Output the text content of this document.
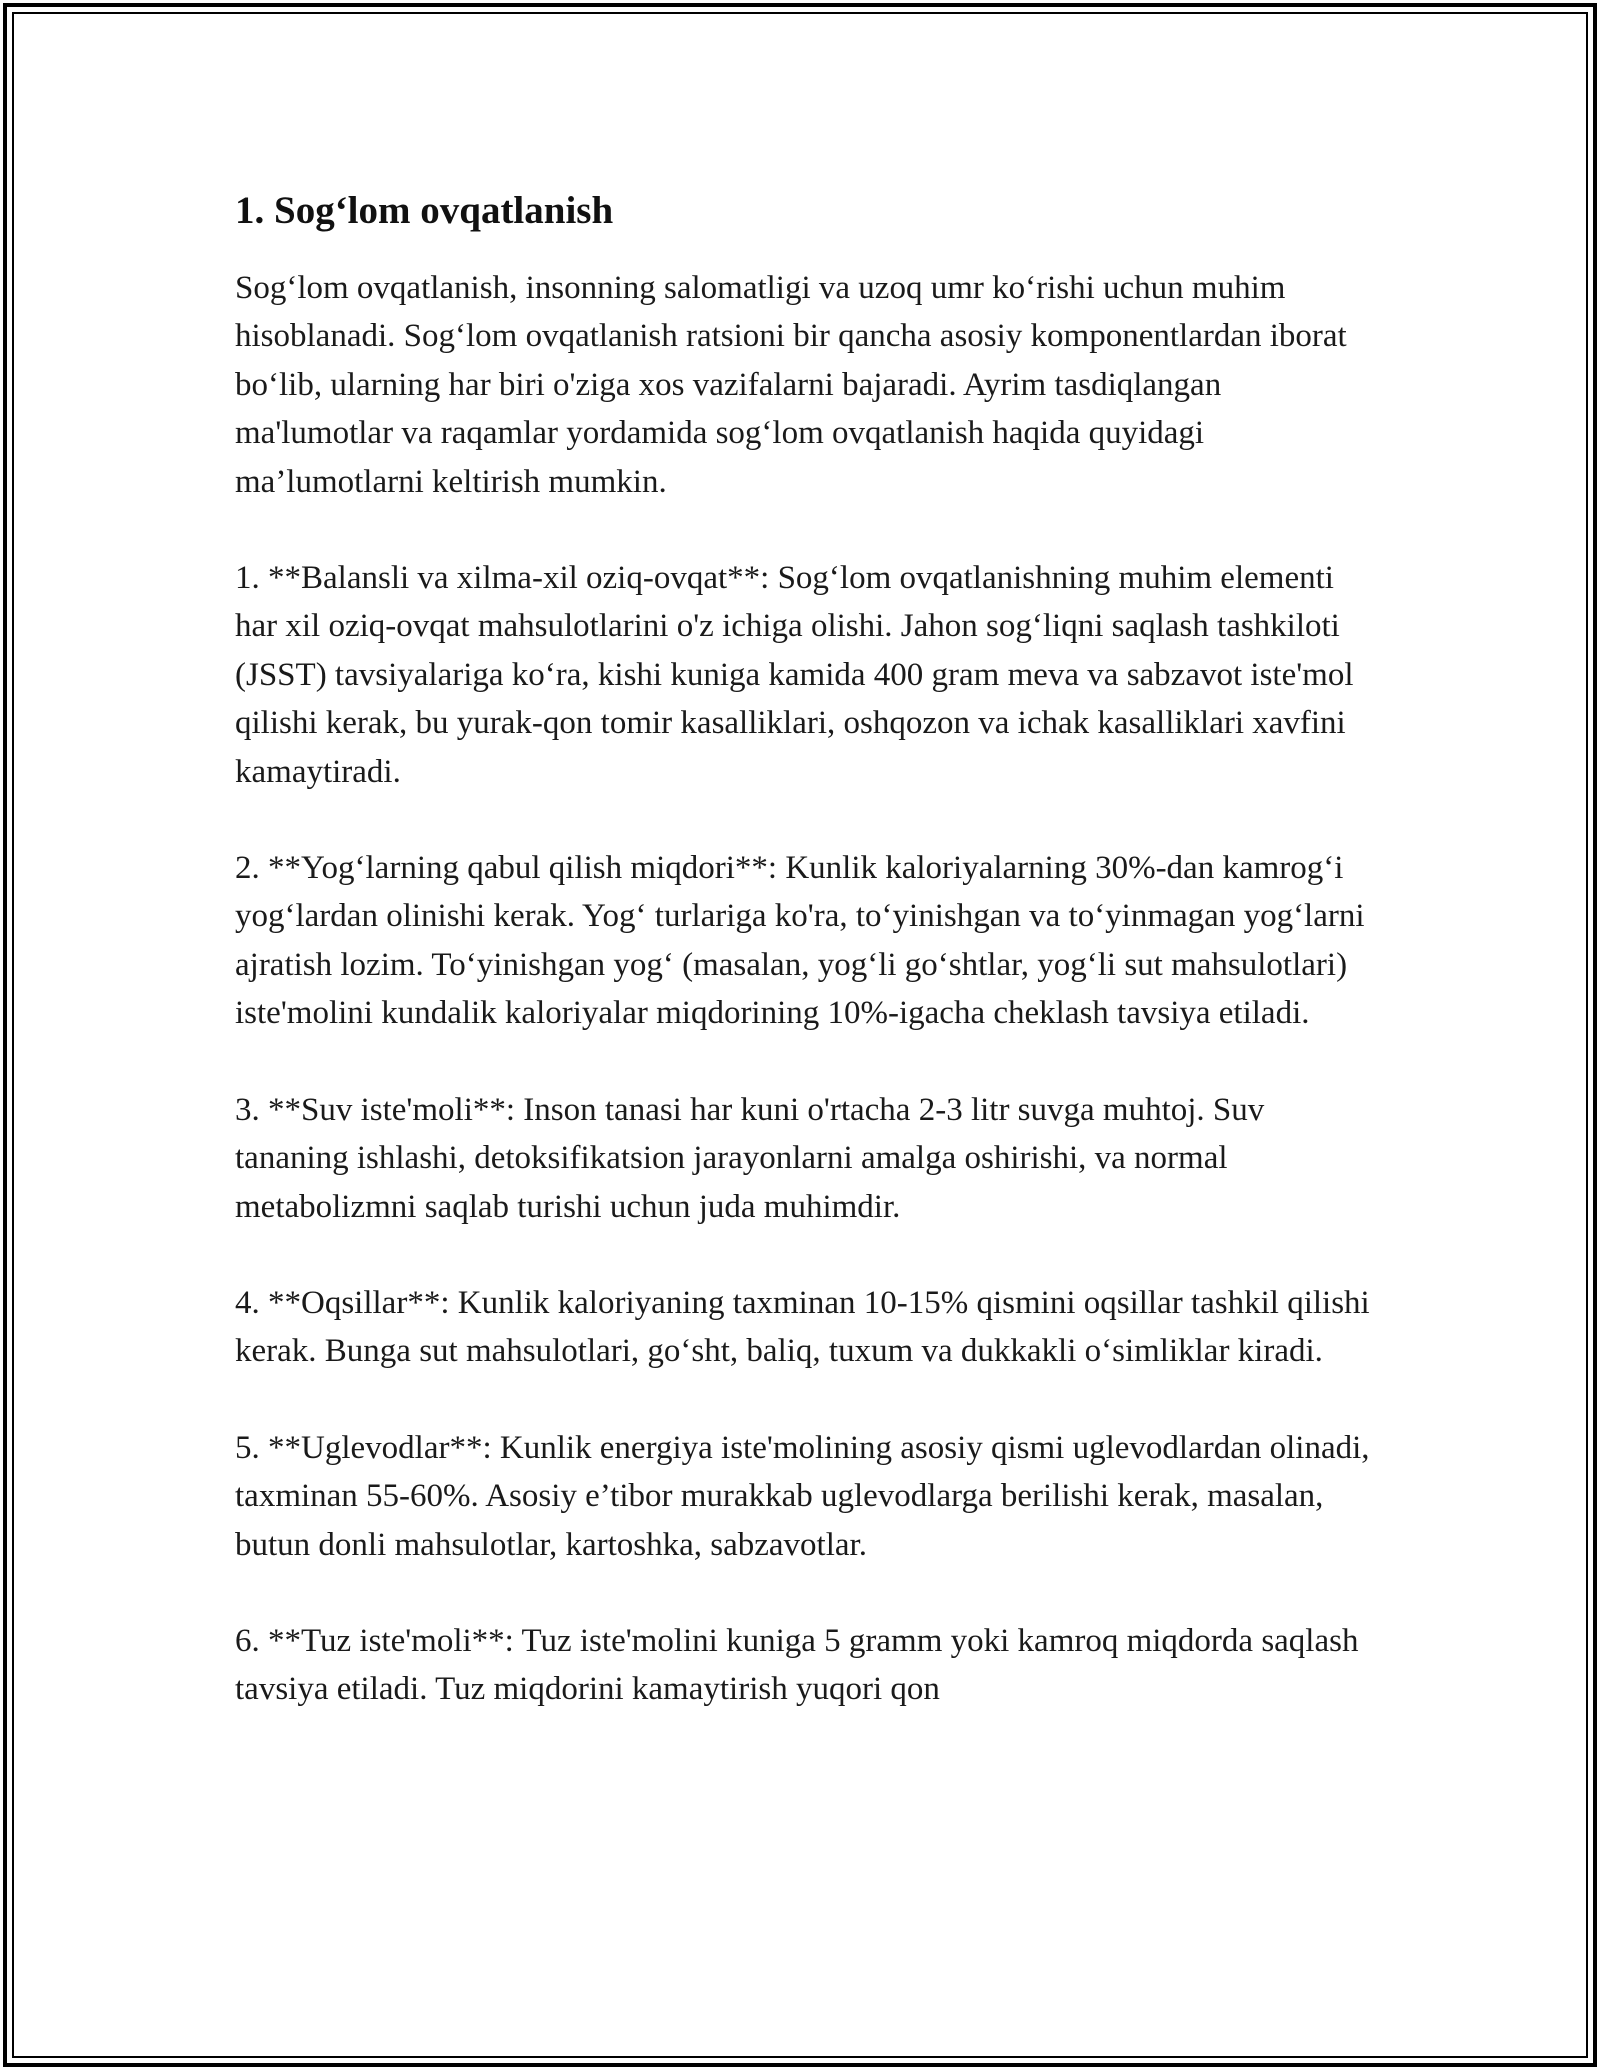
1. Sog‘lom ovqatlanish

Sog‘lom ovqatlanish, insonning salomatligi va uzoq umr ko‘rishi uchun muhim hisoblanadi. Sog‘lom ovqatlanish ratsioni bir qancha asosiy komponentlardan iborat bo‘lib, ularning har biri o'ziga xos vazifalarni bajaradi. Ayrim tasdiqlangan ma'lumotlar va raqamlar yordamida sog‘lom ovqatlanish haqida quyidagi ma’lumotlarni keltirish mumkin.

1. **Balansli va xilma-xil oziq-ovqat**: Sog‘lom ovqatlanishning muhim elementi har xil oziq-ovqat mahsulotlarini o'z ichiga olishi. Jahon sog‘liqni saqlash tashkiloti (JSST) tavsiyalariga ko‘ra, kishi kuniga kamida 400 gram meva va sabzavot iste'mol qilishi kerak, bu yurak-qon tomir kasalliklari, oshqozon va ichak kasalliklari xavfini kamaytiradi.

2. **Yog‘larning qabul qilish miqdori**: Kunlik kaloriyalarning 30%-dan kamrog‘i yog‘lardan olinishi kerak. Yog‘ turlariga ko'ra, to‘yinishgan va to‘yinmagan yog‘larni ajratish lozim. To‘yinishgan yog‘ (masalan, yog‘li go‘shtlar, yog‘li sut mahsulotlari) iste'molini kundalik kaloriyalar miqdorining 10%-igacha cheklash tavsiya etiladi.

3. **Suv iste'moli**: Inson tanasi har kuni o'rtacha 2-3 litr suvga muhtoj. Suv tananing ishlashi, detoksifikatsion jarayonlarni amalga oshirishi, va normal metabolizmni saqlab turishi uchun juda muhimdir.

4. **Oqsillar**: Kunlik kaloriyaning taxminan 10-15% qismini oqsillar tashkil qilishi kerak. Bunga sut mahsulotlari, go‘sht, baliq, tuxum va dukkakli o‘simliklar kiradi.

5. **Uglevodlar**: Kunlik energiya iste'molining asosiy qismi uglevodlardan olinadi, taxminan 55-60%. Asosiy e’tibor murakkab uglevodlarga berilishi kerak, masalan, butun donli mahsulotlar, kartoshka, sabzavotlar.

6. **Tuz iste'moli**: Tuz iste'molini kuniga 5 gramm yoki kamroq miqdorda saqlash tavsiya etiladi. Tuz miqdorini kamaytirish yuqori qon
